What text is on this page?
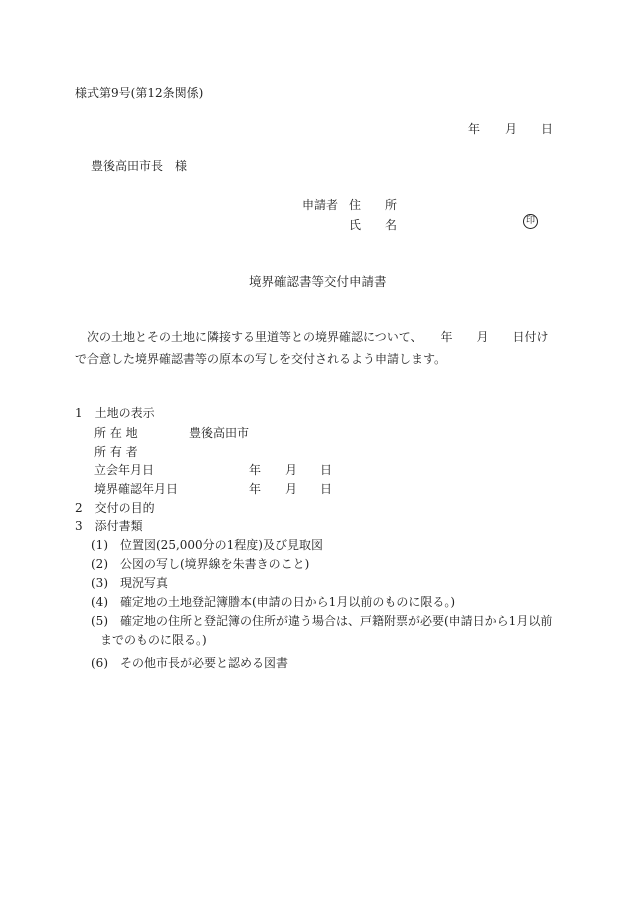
様式第9号(第12条関係)
年 月 日
豊後高田市長　様
申請者 住　　所
氏　　名	印
境界確認書等交付申請書
次の土地とその土地に隣接する里道等との境界確認について、　　年　　月　　日付け
で合意した境界確認書等の原本の写しを交付されるよう申請します。
1　土地の表示
所 在 地	豊後高田市
所 有 者
立会年月日	年 月 日
境界確認年月日	年 月 日
2　交付の目的
3　添付書類
(1)　位置図(25,000分の1程度)及び見取図
(2)　公図の写し(境界線を朱書きのこと)
(3)　現況写真
(4)　確定地の土地登記簿謄本(申請の日から1月以前のものに限る。)
(5)　確定地の住所と登記簿の住所が違う場合は、戸籍附票が必要(申請日から1月以前
までのものに限る。)
(6)　その他市長が必要と認める図書
